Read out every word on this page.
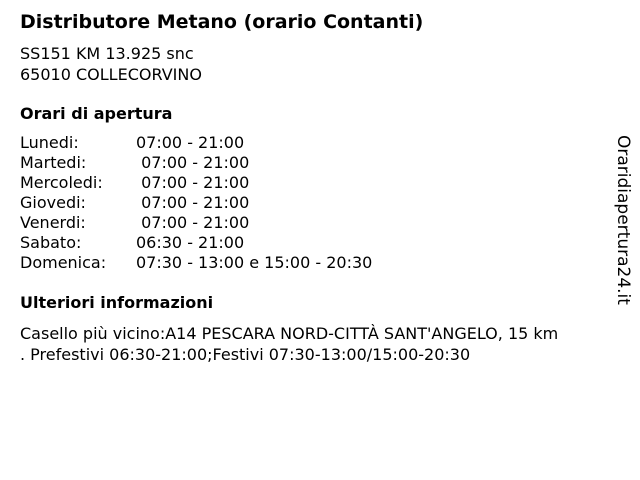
Distributore Metano (orario Contanti)
SS151 KM 13.925 snc
65010 COLLECORVINO
Orari di apertura
Lunedi:	07:00 - 21:00
Martedi:	07:00 - 21:00
Mercoledi:	07:00 - 21:00
Giovedi:	07:00 - 21:00
Venerdi:	07:00 - 21:00
Sabato:	06:30 - 21:00
Domenica:	07:30 - 13:00 e 15:00 - 20:30
Ulteriori informazioni
Casello più vicino:A14 PESCARA NORD-CITTÀ SANT'ANGELO, 15 km
. Prefestivi 06:30-21:00;Festivi 07:30-13:00/15:00-20:30
Oraridiapertura24.it
